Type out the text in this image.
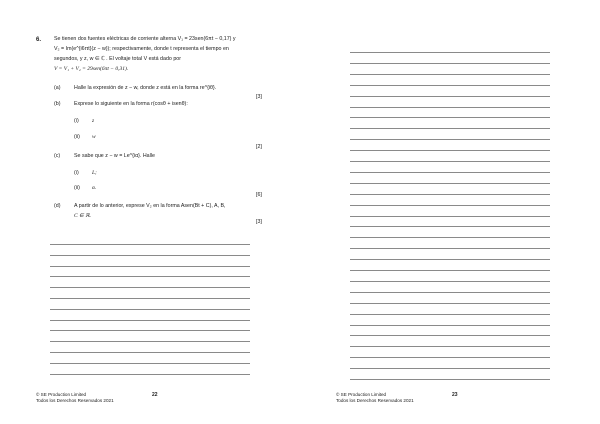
6. Se tienen dos fuentes eléctricas de corriente alterna V₁ = 23sen(6πt − 0,17) y
V₂ = Im(e^{i6πt}(z − w)); respectivamente, donde t representa el tiempo en
segundos, y z, w ∈ ℂ . El voltaje total V está dado por
V = V₁ + V₂ = 29sen(6πt − 0,31).
(a)	Halle la expresión de z − w, donde z está en la forma re^{iθ}.
[3]
(b)	Exprese lo siguiente en la forma r(cosθ + isenθ):
(i) z
(ii) w
[2]
(c)	Se sabe que z − w = Le^{iα}. Halle
(i) L;
(ii) α.
[6]
(d)	A partir de lo anterior, exprese V₂ en la forma Asen(Bt + C), A, B,
C ∈ ℝ.
[3]
© SE Production Limited
Todos los Derechos Reservados 2021
22	© SE Production Limited
Todos los Derechos Reservados 2021
23
